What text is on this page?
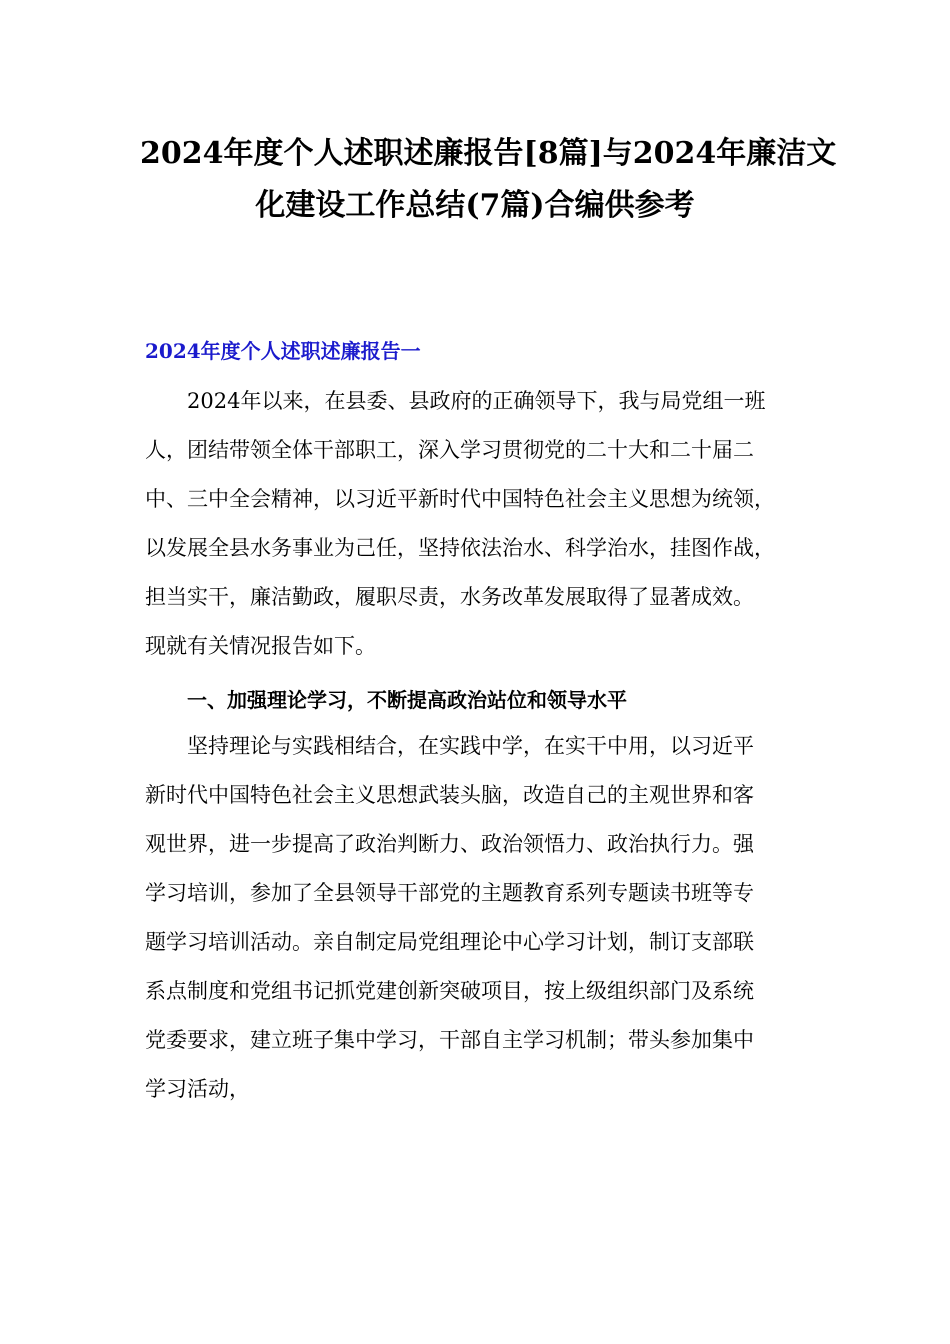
2024年度个人述职述廉报告[8篇]与2024年廉洁文
化建设工作总结(7篇)合编供参考
2024年度个人述职述廉报告一
2024年以来，在县委、县政府的正确领导下，我与局党组一班
人，团结带领全体干部职工，深入学习贯彻党的二十大和二十届二
中、三中全会精神，以习近平新时代中国特色社会主义思想为统领，
以发展全县水务事业为己任，坚持依法治水、科学治水，挂图作战，
担当实干，廉洁勤政，履职尽责，水务改革发展取得了显著成效。
现就有关情况报告如下。
一、加强理论学习，不断提高政治站位和领导水平
坚持理论与实践相结合，在实践中学，在实干中用，以习近平
新时代中国特色社会主义思想武装头脑，改造自己的主观世界和客
观世界，进一步提高了政治判断力、政治领悟力、政治执行力。强
学习培训，参加了全县领导干部党的主题教育系列专题读书班等专
题学习培训活动。亲自制定局党组理论中心学习计划，制订支部联
系点制度和党组书记抓党建创新突破项目，按上级组织部门及系统
党委要求，建立班子集中学习，干部自主学习机制；带头参加集中
学习活动，
